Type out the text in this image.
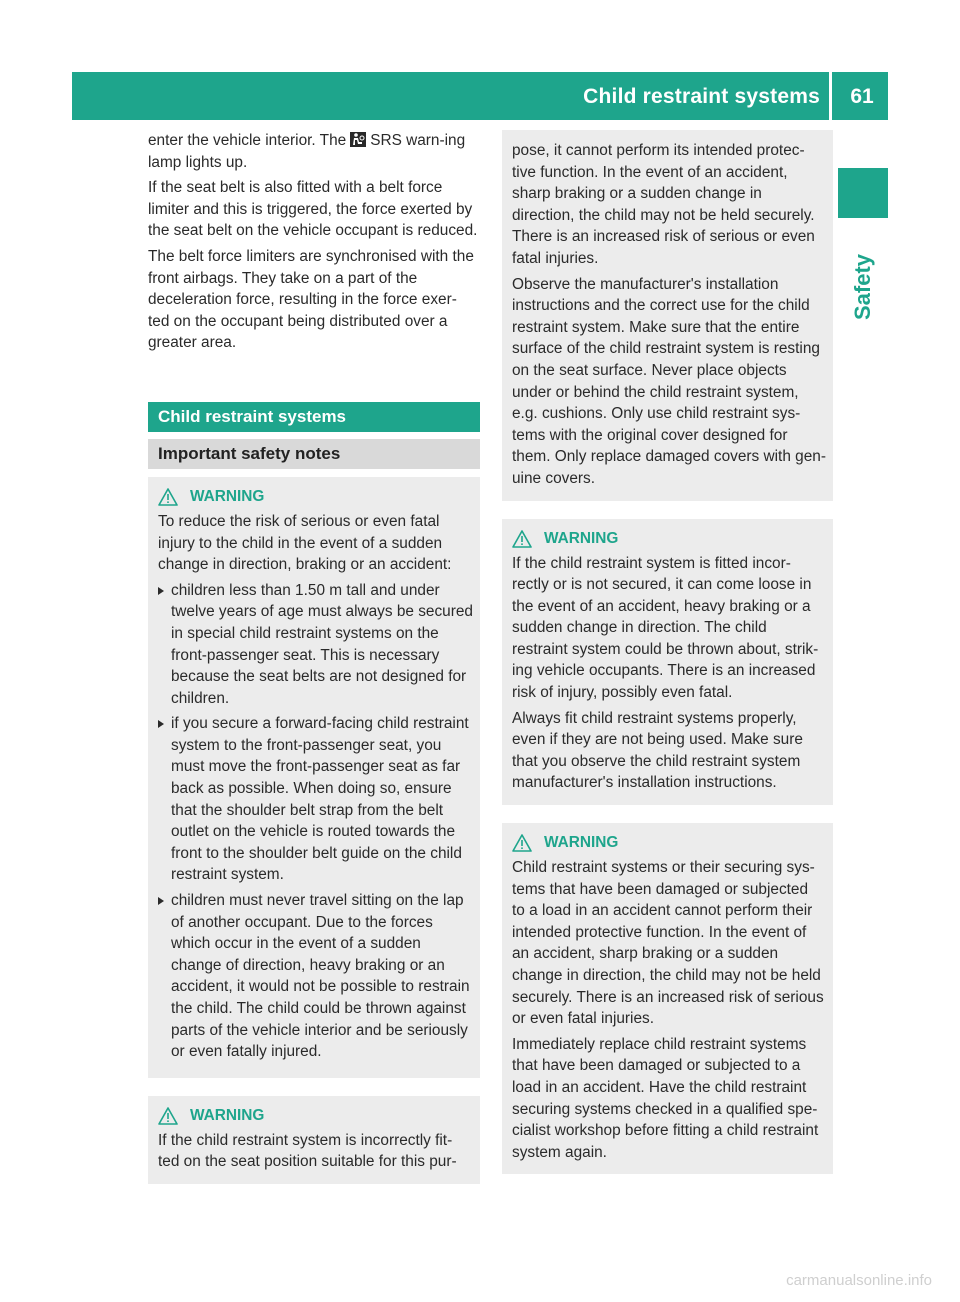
Child restraint systems	61
Safety

enter the vehicle interior. The SRS warn-ing lamp lights up.

If the seat belt is also fitted with a belt force limiter and this is triggered, the force exerted by the seat belt on the vehicle occupant is reduced.

The belt force limiters are synchronised with the front airbags. They take on a part of the deceleration force, resulting in the force exer-ted on the occupant being distributed over a greater area.

Child restraint systems
Important safety notes
WARNING

To reduce the risk of serious or even fatal injury to the child in the event of a sudden change in direction, braking or an accident:

children less than 1.50 m tall and under twelve years of age must always be secured in special child restraint systems on the front-passenger seat. This is necessary because the seat belts are not designed for children.
if you secure a forward-facing child restraint system to the front-passenger seat, you must move the front-passenger seat as far back as possible. When doing so, ensure that the shoulder belt strap from the belt outlet on the vehicle is routed towards the front to the shoulder belt guide on the child restraint system.
children must never travel sitting on the lap of another occupant. Due to the forces which occur in the event of a sudden change of direction, heavy braking or an accident, it would not be possible to restrain the child. The child could be thrown against parts of the vehicle interior and be seriously or even fatally injured.
WARNING

If the child restraint system is incorrectly fit-ted on the seat position suitable for this pur-

pose, it cannot perform its intended protec-tive function. In the event of an accident, sharp braking or a sudden change in direction, the child may not be held securely. There is an increased risk of serious or even fatal injuries.

Observe the manufacturer's installation instructions and the correct use for the child restraint system. Make sure that the entire surface of the child restraint system is resting on the seat surface. Never place objects under or behind the child restraint system, e.g. cushions. Only use child restraint sys-tems with the original cover designed for them. Only replace damaged covers with gen-uine covers.

WARNING

If the child restraint system is fitted incor-rectly or is not secured, it can come loose in the event of an accident, heavy braking or a sudden change in direction. The child restraint system could be thrown about, strik-ing vehicle occupants. There is an increased risk of injury, possibly even fatal.

Always fit child restraint systems properly, even if they are not being used. Make sure that you observe the child restraint system manufacturer's installation instructions.

WARNING

Child restraint systems or their securing sys-tems that have been damaged or subjected to a load in an accident cannot perform their intended protective function. In the event of an accident, sharp braking or a sudden change in direction, the child may not be held securely. There is an increased risk of serious or even fatal injuries.

Immediately replace child restraint systems that have been damaged or subjected to a load in an accident. Have the child restraint securing systems checked in a qualified spe-cialist workshop before fitting a child restraint system again.

carmanualsonline.info
